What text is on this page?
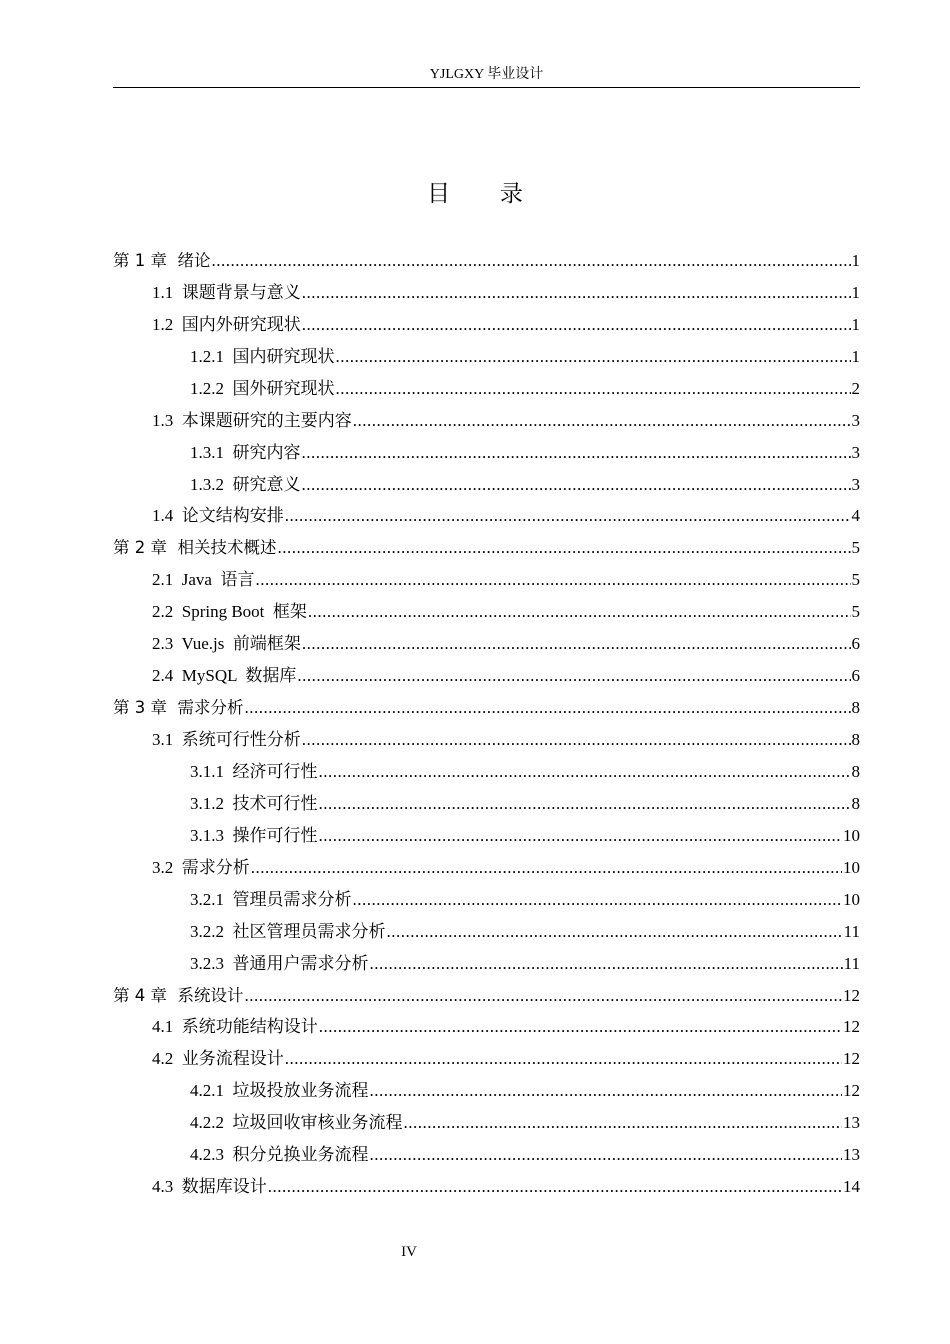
YJLGXY 毕业设计
目 录
第 1 章  绪论 .....	1
1.1  课题背景与意义 .....	1
1.2  国内外研究现状 .....	1
1.2.1  国内研究现状 .....	1
1.2.2  国外研究现状 .....	2
1.3  本课题研究的主要内容 .....	3
1.3.1  研究内容 .....	3
1.3.2  研究意义 .....	3
1.4  论文结构安排 .....	4
第 2 章  相关技术概述 .....	5
2.1  Java  语言 .....	5
2.2  Spring Boot  框架 .....	5
2.3  Vue.js  前端框架 .....	6
2.4  MySQL  数据库 .....	6
第 3 章  需求分析 .....	8
3.1  系统可行性分析 .....	8
3.1.1  经济可行性 .....	8
3.1.2  技术可行性 .....	8
3.1.3  操作可行性 .....	10
3.2  需求分析 .....	10
3.2.1  管理员需求分析 .....	10
3.2.2  社区管理员需求分析 .....	11
3.2.3  普通用户需求分析 .....	11
第 4 章  系统设计 .....	12
4.1  系统功能结构设计 .....	12
4.2  业务流程设计 .....	12
4.2.1  垃圾投放业务流程 .....	12
4.2.2  垃圾回收审核业务流程 .....	13
4.2.3  积分兑换业务流程 .....	13
4.3  数据库设计 .....	14
IV
